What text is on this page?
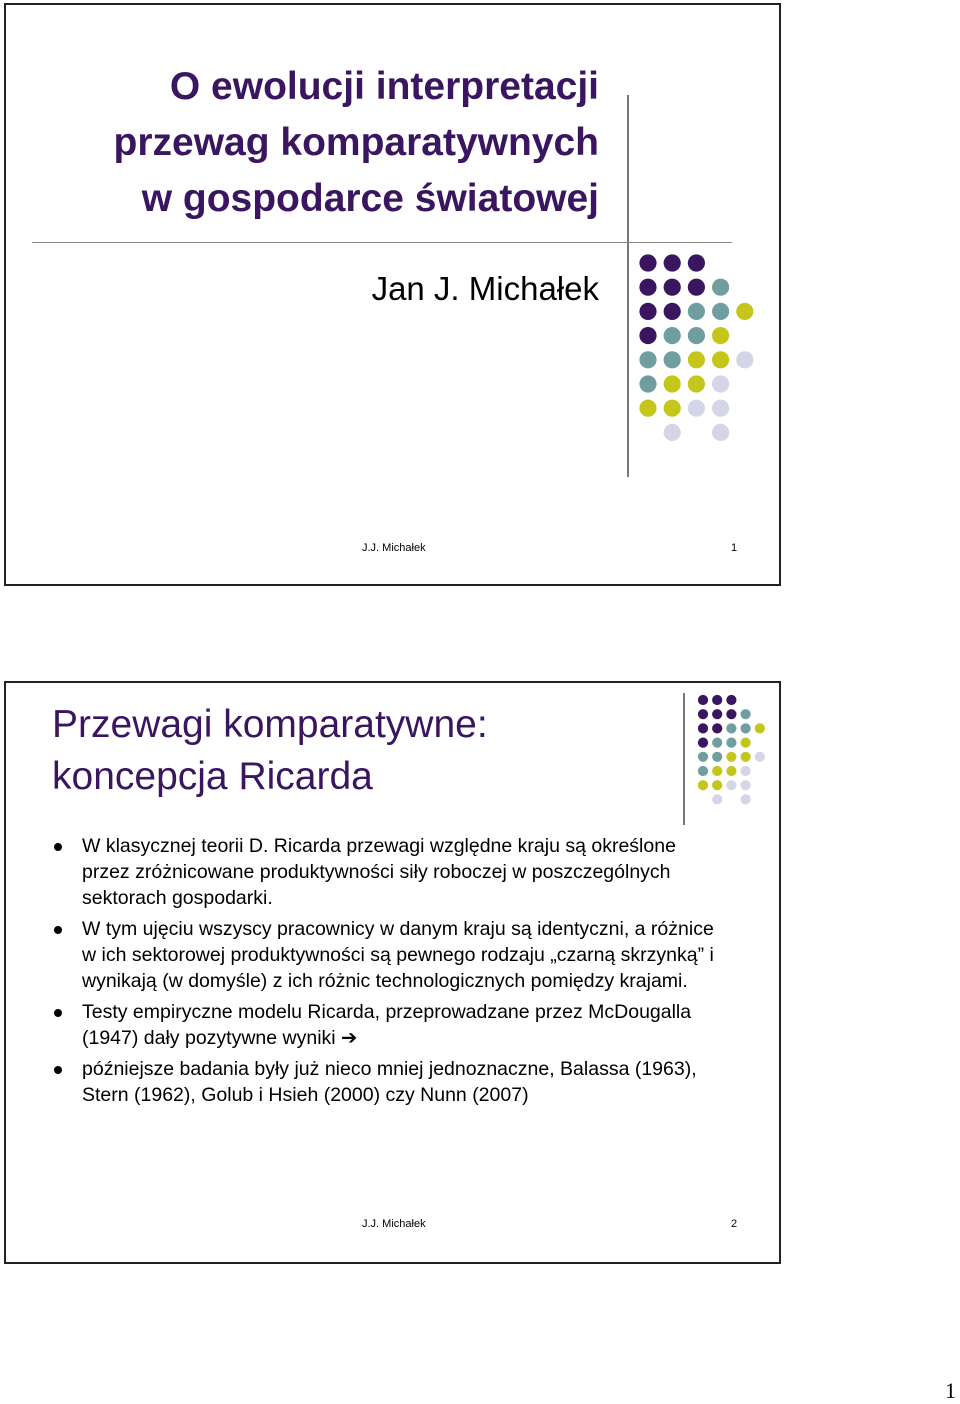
O ewolucji interpretacji
przewag komparatywnych
w gospodarce światowej
Jan J. Michałek
J.J. Michałek	1
Przewagi komparatywne:
koncepcja Ricarda
W klasycznej teorii D. Ricarda przewagi względne kraju są określone przez zróżnicowane produktywności siły roboczej w poszczególnych sektorach gospodarki.
W tym ujęciu wszyscy pracownicy w danym kraju są identyczni, a różnice w ich sektorowej produktywności są pewnego rodzaju „czarną skrzynką” i wynikają (w domyśle) z ich różnic technologicznych pomiędzy krajami.
Testy empiryczne modelu Ricarda, przeprowadzane przez McDougalla (1947) dały pozytywne wyniki ➔
późniejsze badania były już nieco mniej jednoznaczne, Balassa (1963), Stern (1962), Golub i Hsieh (2000) czy Nunn (2007)
J.J. Michałek	2
1
